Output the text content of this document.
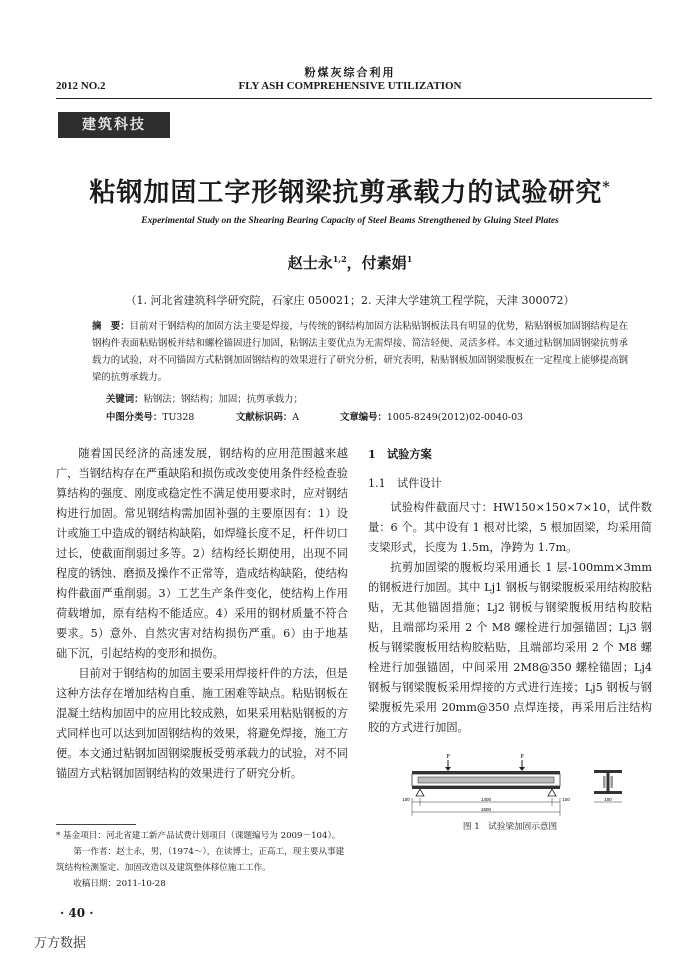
粉煤灰综合利用
2012 NO.2	FLY ASH COMPREHENSIVE UTILIZATION
建筑科技
粘钢加固工字形钢梁抗剪承载力的试验研究*
Experimental Study on the Shearing Bearing Capacity of Steel Beams Strengthened by Gluing Steel Plates
赵士永$^{1,2}$，付素娟$^1$
（1. 河北省建筑科学研究院，石家庄 050021；2. 天津大学建筑工程学院，天津 300072）
摘　要：目前对于钢结构的加固方法主要是焊接，与传统的钢结构加固方法粘贴钢板法具有明显的优势，粘贴钢板加固钢结构是在钢构件表面粘贴钢板并结和螺栓锚固进行加固，粘钢法主要优点为无需焊接、简洁轻便、灵活多样。本文通过粘钢加固钢梁抗剪承载力的试验，对不同锚固方式粘钢加固钢结构的效果进行了研究分析，研究表明，粘贴钢板加固钢梁腹板在一定程度上能够提高钢梁的抗剪承载力。
关键词：粘钢法；钢结构；加固；抗剪承载力；
中图分类号：TU328	文献标识码：A	文章编号：1005-8249(2012)02-0040-03

随着国民经济的高速发展，钢结构的应用范围越来越广，当钢结构存在严重缺陷和损伤或改变使用条件经检查验算结构的强度、刚度或稳定性不满足使用要求时，应对钢结构进行加固。常见钢结构需加固补强的主要原因有：1）设计或施工中造成的钢结构缺陷，如焊缝长度不足，杆件切口过长，使截面削弱过多等。2）结构经长期使用，出现不同程度的锈蚀、磨损及操作不正常等，造成结构缺陷，使结构构件截面严重削弱。3）工艺生产条件变化，使结构上作用荷载增加，原有结构不能适应。4）采用的钢材质量不符合要求。5）意外、自然灾害对结构损伤严重。6）由于地基础下沉，引起结构的变形和损伤。

目前对于钢结构的加固主要采用焊接杆件的方法，但是这种方法存在增加结构自重、施工困难等缺点。粘贴钢板在混凝土结构加固中的应用比较成熟，如果采用粘贴钢板的方式同样也可以达到加固钢结构的效果，将避免焊接，施工方便。本文通过粘钢加固钢梁腹板受剪承载力的试验，对不同锚固方式粘钢加固钢结构的效果进行了研究分析。

* 基金项目：河北省建工新产品试费计划项目（课题编号为 2009－104）。

第一作者：赵士永，男，（1974～），在读博士，正高工，现主要从事建筑结构检测鉴定、加固改造以及建筑整体移位施工工作。

收稿日期：2011-10-28

· 40 ·
万方数据

1　试验方案

1.1　试件设计

试验构件截面尺寸：HW150×150×7×10，试件数量：6 个。其中设有 1 根对比梁，5 根加固梁，均采用简支梁形式，长度为 1.5m，净跨为 1.7m。

抗剪加固梁的腹板均采用通长 1 层-100mm×3mm 的钢板进行加固。其中 Lj1 钢板与钢梁腹板采用结构胶粘贴，无其他锚固措施；Lj2 钢板与钢梁腹板用结构胶粘贴，且端部均采用 2 个 M8 螺栓进行加强锚固；Lj3 钢板与钢梁腹板用结构胶粘贴，且端部均采用 2 个 M8 螺栓进行加强锚固，中间采用 2M8@350 螺栓锚固；Lj4 钢板与钢梁腹板采用焊接的方式进行连接；Lj5 钢板与钢梁腹板先采用 20mm@350 点焊连接，再采用后注结构胶的方式进行加固。

P	P
100	1400	100
1500
100
图 1　试验梁加固示意图
